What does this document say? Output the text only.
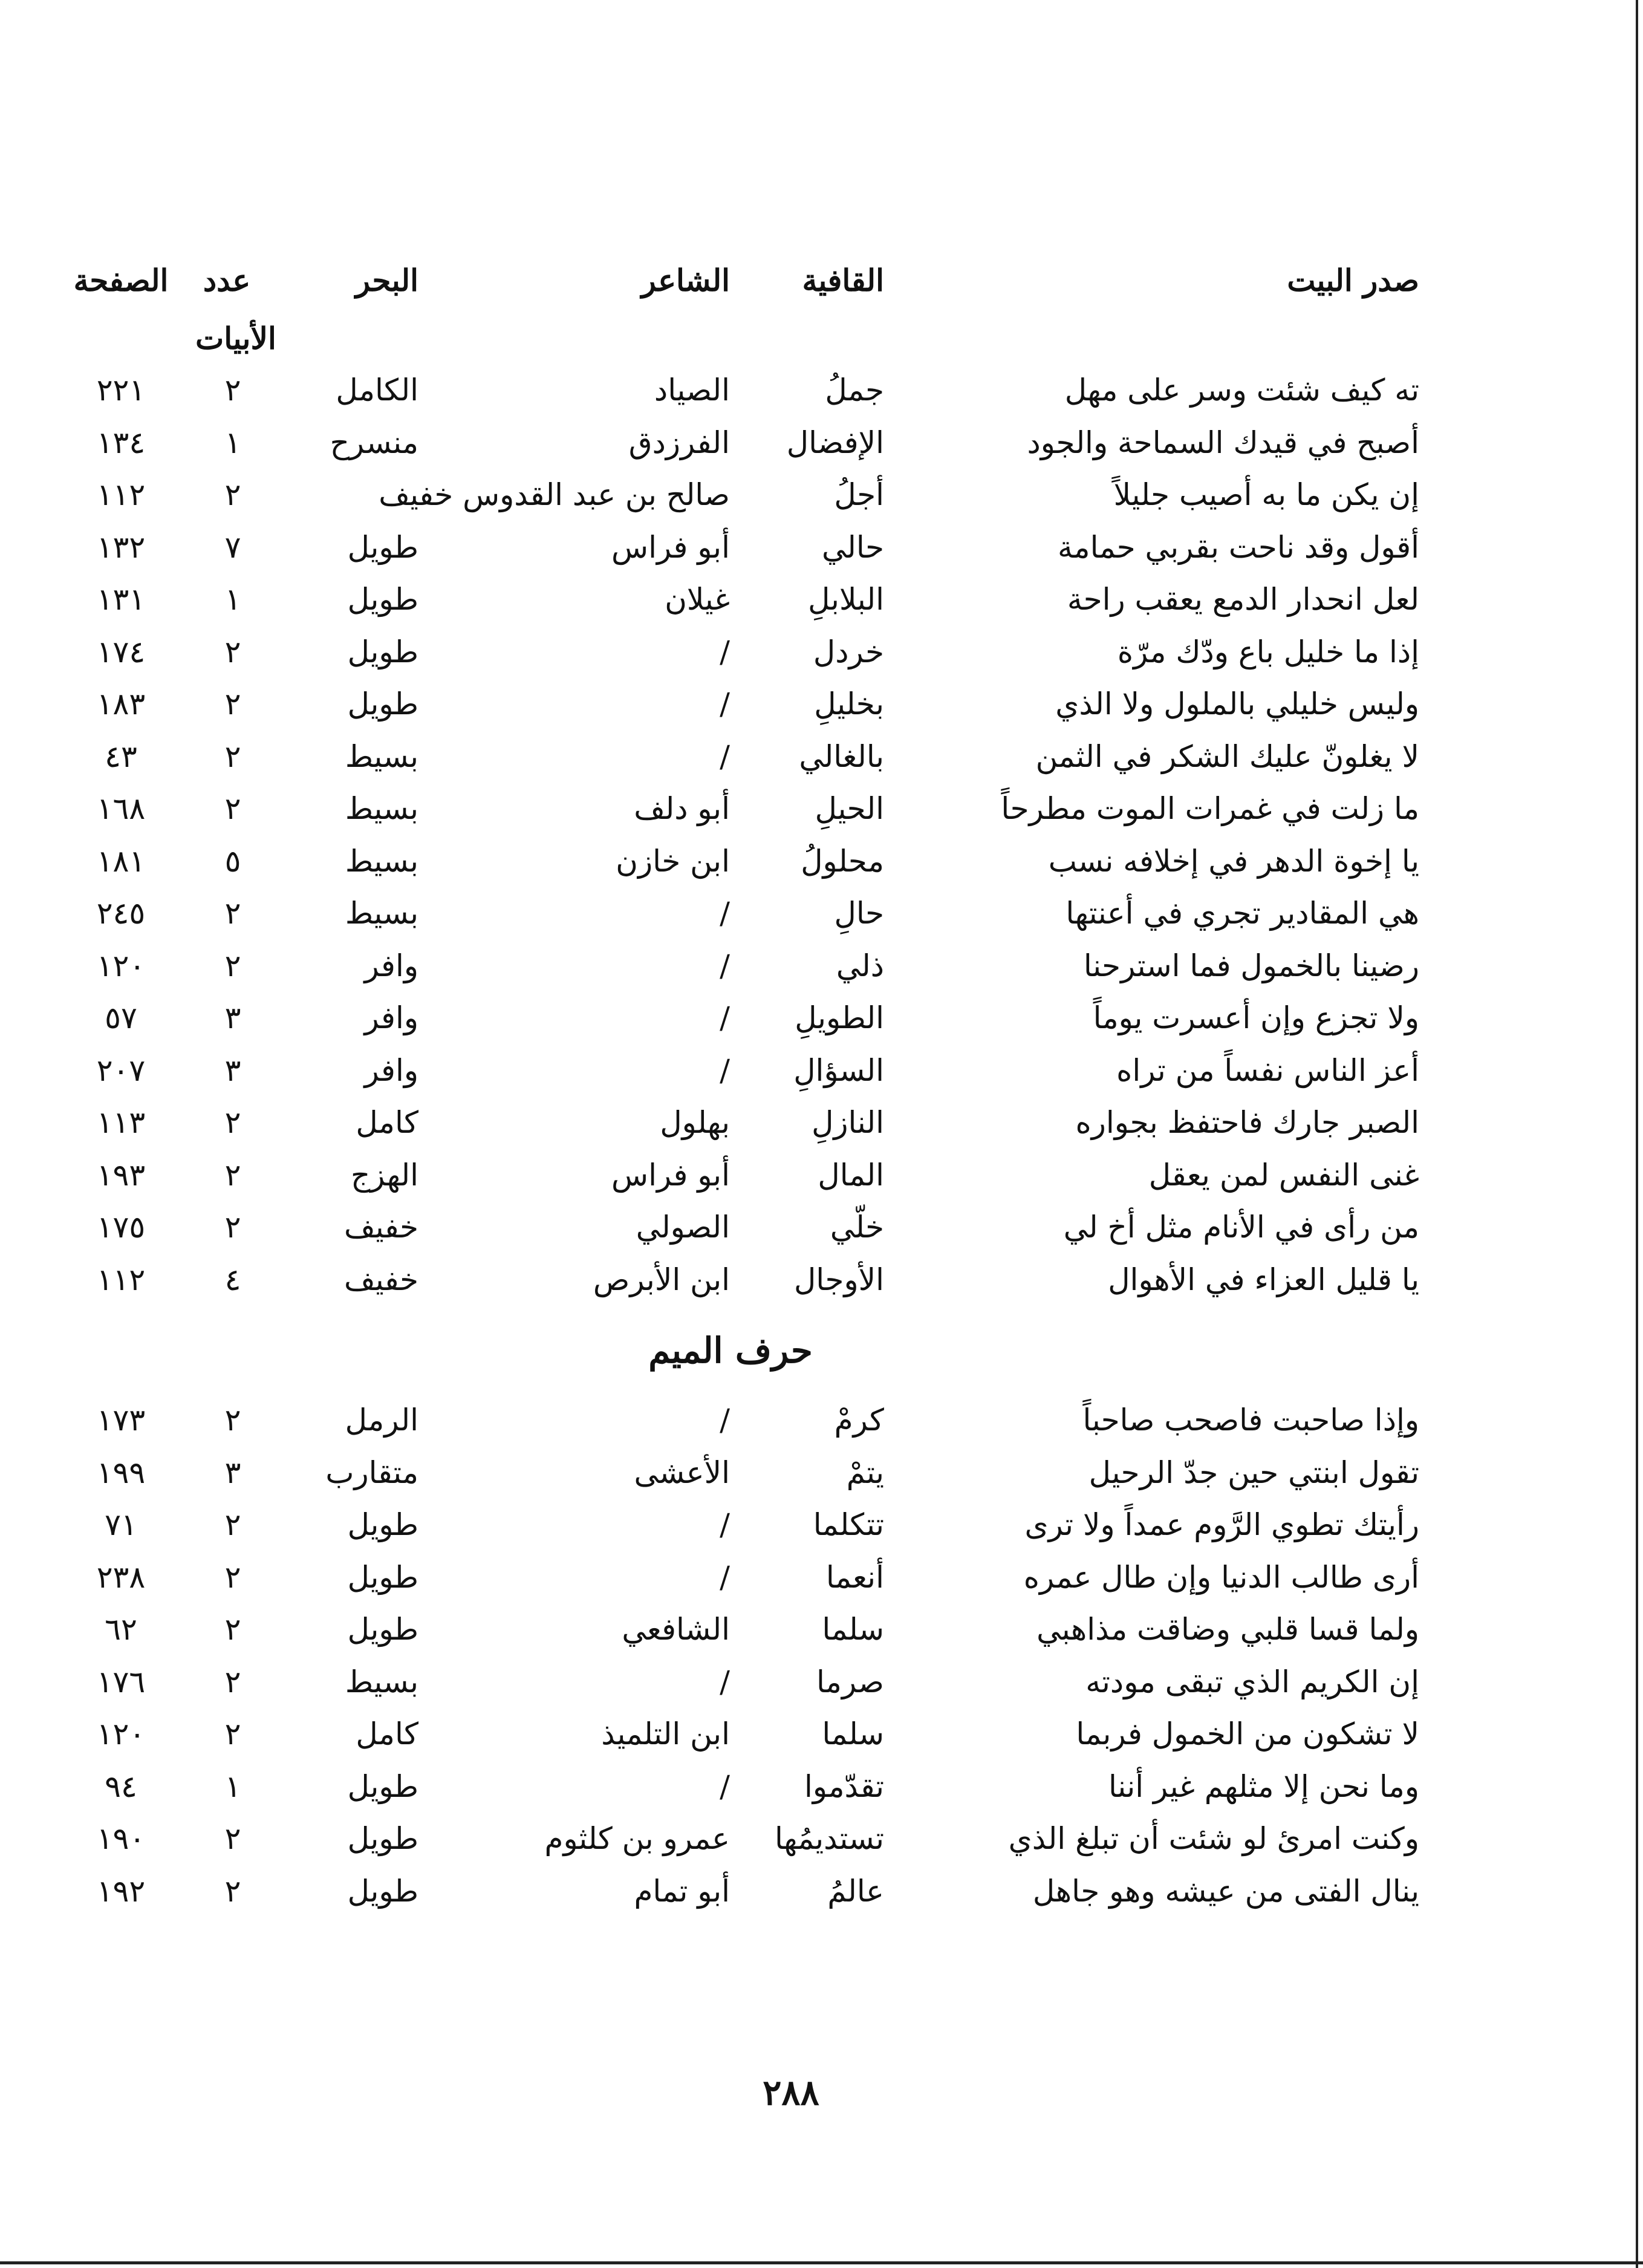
صدر البيت
القافية
الشاعر
البحر
عدد
الصفحة
الأبيات
ته كيف شئت وسر على مهل
جملُ
الصياد
الكامل
٢
٢٢١
أصبح في قيدك السماحة والجود
الإفضال
الفرزدق
منسرح
١
١٣٤
إن يكن ما به أصيب جليلاً
أجلُ
صالح بن عبد القدوس خفيف
٢
١١٢
أقول وقد ناحت بقربي حمامة
حالي
أبو فراس
طويل
٧
١٣٢
لعل انحدار الدمع يعقب راحة
البلابلِ
غيلان
طويل
١
١٣١
إذا ما خليل باع ودّك مرّة
خردل
/
طويل
٢
١٧٤
وليس خليلي بالملول ولا الذي
بخليلِ
/
طويل
٢
١٨٣
لا يغلونّ عليك الشكر في الثمن
بالغالي
/
بسيط
٢
٤٣
ما زلت في غمرات الموت مطرحاً
الحيلِ
أبو دلف
بسيط
٢
١٦٨
يا إخوة الدهر في إخلافه نسب
محلولُ
ابن خازن
بسيط
٥
١٨١
هي المقادير تجري في أعنتها
حالِ
/
بسيط
٢
٢٤٥
رضينا بالخمول فما استرحنا
ذلي
/
وافر
٢
١٢٠
ولا تجزع وإن أعسرت يوماً
الطويلِ
/
وافر
٣
٥٧
أعز الناس نفساً من تراه
السؤالِ
/
وافر
٣
٢٠٧
الصبر جارك فاحتفظ بجواره
النازلِ
بهلول
كامل
٢
١١٣
غنى النفس لمن يعقل
المال
أبو فراس
الهزج
٢
١٩٣
من رأى في الأنام مثل أخ لي
خلّي
الصولي
خفيف
٢
١٧٥
يا قليل العزاء في الأهوال
الأوجال
ابن الأبرص
خفيف
٤
١١٢
حرف الميم
وإذا صاحبت فاصحب صاحباً
كرمْ
/
الرمل
٢
١٧٣
تقول ابنتي حين جدّ الرحيل
يتمْ
الأعشى
متقارب
٣
١٩٩
رأيتك تطوي الرَّوم عمداً ولا ترى
تتكلما
/
طويل
٢
٧١
أرى طالب الدنيا وإن طال عمره
أنعما
/
طويل
٢
٢٣٨
ولما قسا قلبي وضاقت مذاهبي
سلما
الشافعي
طويل
٢
٦٢
إن الكريم الذي تبقى مودته
صرما
/
بسيط
٢
١٧٦
لا تشكون من الخمول فربما
سلما
ابن التلميذ
كامل
٢
١٢٠
وما نحن إلا مثلهم غير أننا
تقدّموا
/
طويل
١
٩٤
وكنت امرئ لو شئت أن تبلغ الذي
تستديمُها
عمرو بن كلثوم
طويل
٢
١٩٠
ينال الفتى من عيشه وهو جاهل
عالمُ
أبو تمام
طويل
٢
١٩٢
٢٨٨
